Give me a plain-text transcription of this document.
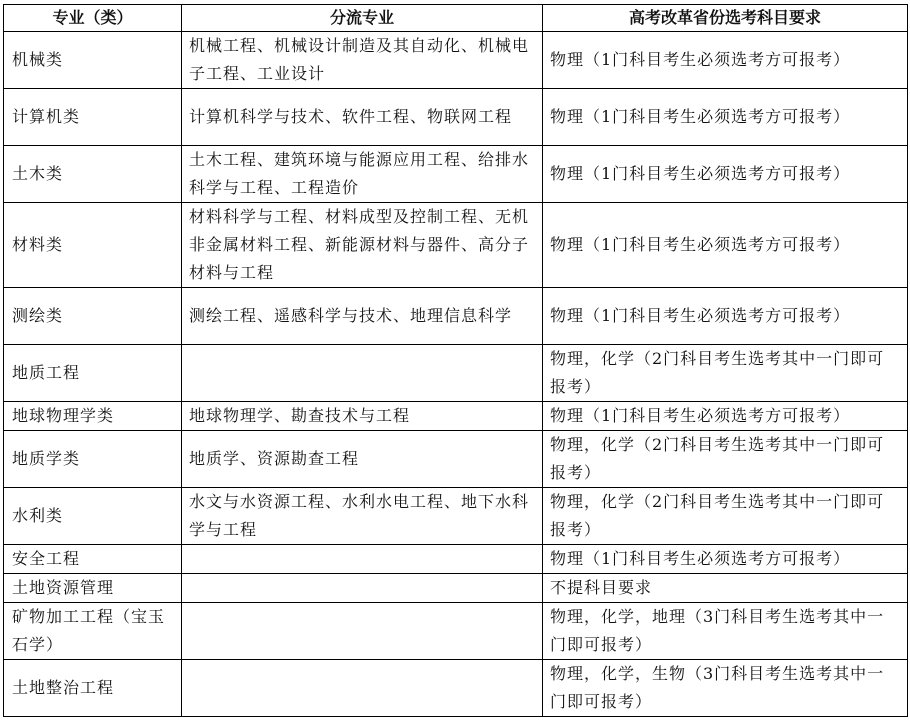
专业（类）	分流专业	高考改革省份选考科目要求
机械类	机械工程、机械设计制造及其自动化、机械电子工程、工业设计	物理（1门科目考生必须选考方可报考）
计算机类	计算机科学与技术、软件工程、物联网工程	物理（1门科目考生必须选考方可报考）
土木类	土木工程、建筑环境与能源应用工程、给排水科学与工程、工程造价	物理（1门科目考生必须选考方可报考）
材料类	材料科学与工程、材料成型及控制工程、无机非金属材料工程、新能源材料与器件、高分子材料与工程	物理（1门科目考生必须选考方可报考）
测绘类	测绘工程、遥感科学与技术、地理信息科学	物理（1门科目考生必须选考方可报考）
地质工程		物理，化学（2门科目考生选考其中一门即可报考）
地球物理学类	地球物理学、勘查技术与工程	物理（1门科目考生必须选考方可报考）
地质学类	地质学、资源勘查工程	物理，化学（2门科目考生选考其中一门即可报考）
水利类	水文与水资源工程、水利水电工程、地下水科学与工程	物理，化学（2门科目考生选考其中一门即可报考）
安全工程		物理（1门科目考生必须选考方可报考）
土地资源管理		不提科目要求
矿物加工工程（宝玉石学）		物理，化学，地理（3门科目考生选考其中一门即可报考）
土地整治工程		物理，化学，生物（3门科目考生选考其中一门即可报考）
